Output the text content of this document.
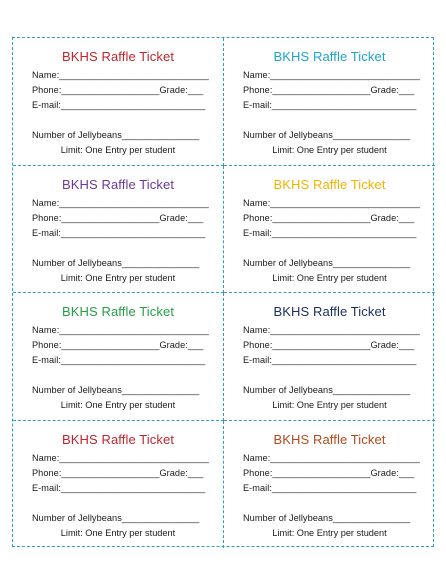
BKHS Raffle Ticket
Name:_____________________________
Phone:___________________Grade:___
E-mail:____________________________
Number of Jellybeans_______________
Limit: One Entry per student
BKHS Raffle Ticket
Name:_____________________________
Phone:___________________Grade:___
E-mail:____________________________
Number of Jellybeans_______________
Limit: One Entry per student
BKHS Raffle Ticket
Name:_____________________________
Phone:___________________Grade:___
E-mail:____________________________
Number of Jellybeans_______________
Limit: One Entry per student
BKHS Raffle Ticket
Name:_____________________________
Phone:___________________Grade:___
E-mail:____________________________
Number of Jellybeans_______________
Limit: One Entry per student
BKHS Raffle Ticket
Name:_____________________________
Phone:___________________Grade:___
E-mail:____________________________
Number of Jellybeans_______________
Limit: One Entry per student
BKHS Raffle Ticket
Name:_____________________________
Phone:___________________Grade:___
E-mail:____________________________
Number of Jellybeans_______________
Limit: One Entry per student
BKHS Raffle Ticket
Name:_____________________________
Phone:___________________Grade:___
E-mail:____________________________
Number of Jellybeans_______________
Limit: One Entry per student
BKHS Raffle Ticket
Name:_____________________________
Phone:___________________Grade:___
E-mail:____________________________
Number of Jellybeans_______________
Limit: One Entry per student
